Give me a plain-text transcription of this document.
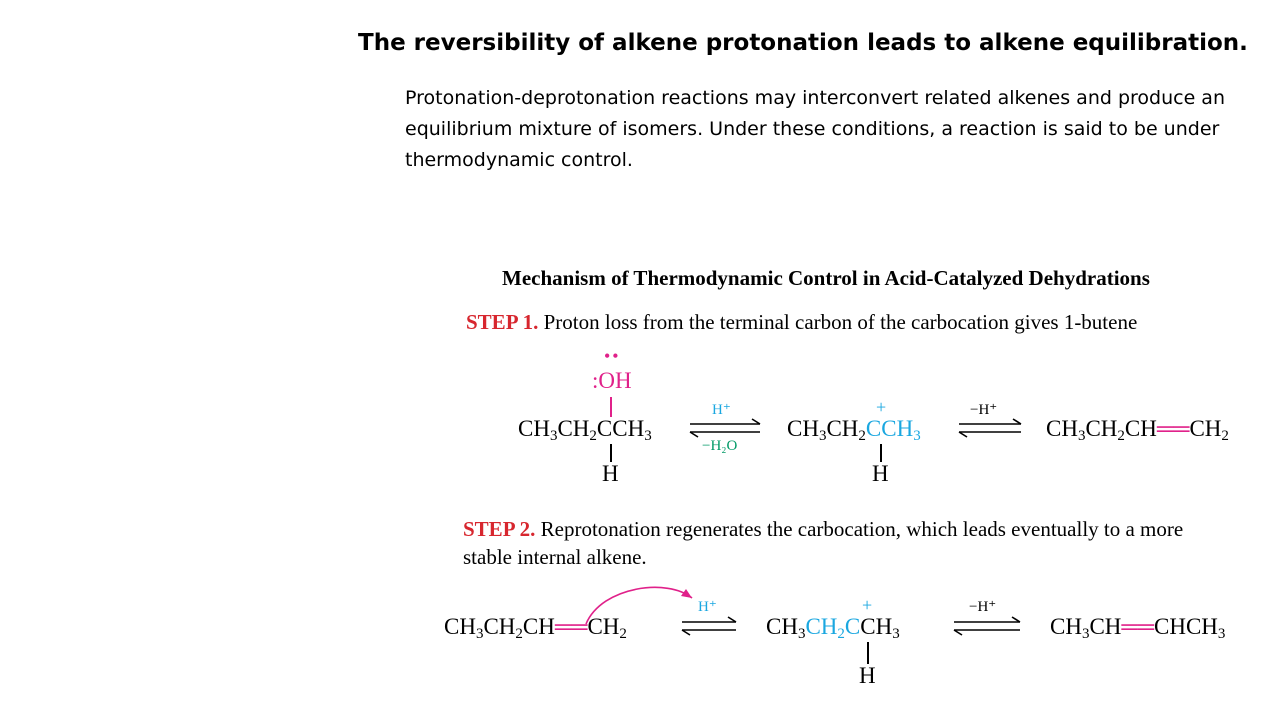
The reversibility of alkene protonation leads to alkene equilibration.
Protonation-deprotonation reactions may interconvert related alkenes and produce an equilibrium mixture of isomers. Under these conditions, a reaction is said to be under thermodynamic control.
Mechanism of Thermodynamic Control in Acid-Catalyzed Dehydrations
STEP 1. Proton loss from the terminal carbon of the carbocation gives 1-butene
••
:OH
$CH_3CH_2CCH_3$
H
H⁺
−H₂O
+
$CH_3CH_2CCH_3$
H
−H⁺
$CH_3CH_2CH══CH_2$
STEP 2. Reprotonation regenerates the carbocation, which leads eventually to a more
stable internal alkene.
$CH_3CH_2CH══CH_2$
H⁺	+
$CH_3CH_2CCH_3$
H
−H⁺
$CH_3CH══CHCH_3$
